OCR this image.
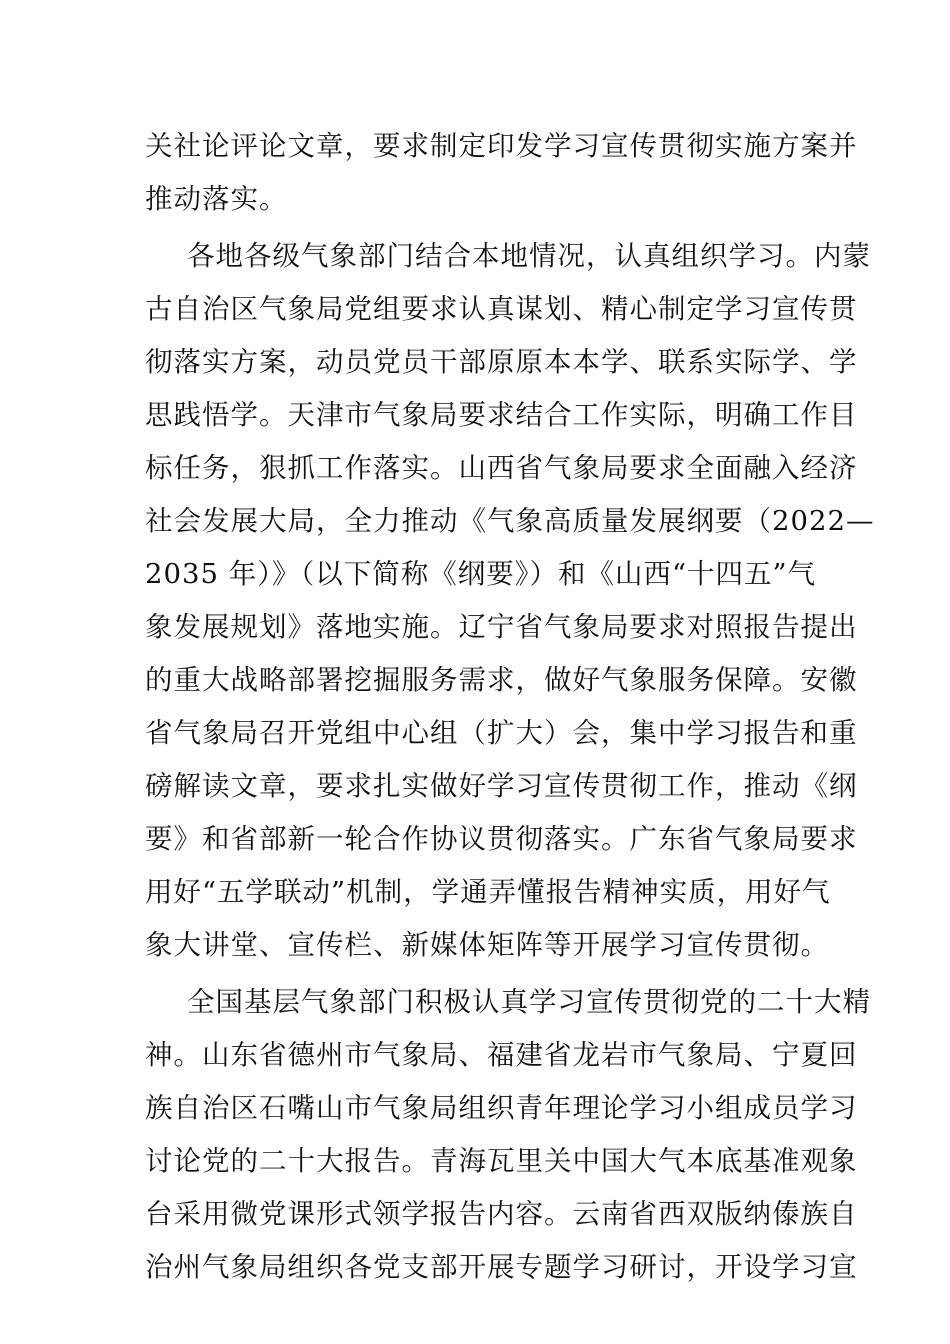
关社论评论文章，要求制定印发学习宣传贯彻实施方案并
推动落实。
各地各级气象部门结合本地情况，认真组织学习。内蒙
古自治区气象局党组要求认真谋划、精心制定学习宣传贯
彻落实方案，动员党员干部原原本本学、联系实际学、学
思践悟学。天津市气象局要求结合工作实际，明确工作目
标任务，狠抓工作落实。山西省气象局要求全面融入经济
社会发展大局，全力推动《气象高质量发展纲要（2022—
2035 年）》（以下简称《纲要》）和《山西“十四五”气
象发展规划》落地实施。辽宁省气象局要求对照报告提出
的重大战略部署挖掘服务需求，做好气象服务保障。安徽
省气象局召开党组中心组（扩大）会，集中学习报告和重
磅解读文章，要求扎实做好学习宣传贯彻工作，推动《纲
要》和省部新一轮合作协议贯彻落实。广东省气象局要求
用好“五学联动”机制，学通弄懂报告精神实质，用好气
象大讲堂、宣传栏、新媒体矩阵等开展学习宣传贯彻。
全国基层气象部门积极认真学习宣传贯彻党的二十大精
神。山东省德州市气象局、福建省龙岩市气象局、宁夏回
族自治区石嘴山市气象局组织青年理论学习小组成员学习
讨论党的二十大报告。青海瓦里关中国大气本底基准观象
台采用微党课形式领学报告内容。云南省西双版纳傣族自
治州气象局组织各党支部开展专题学习研讨，开设学习宣
